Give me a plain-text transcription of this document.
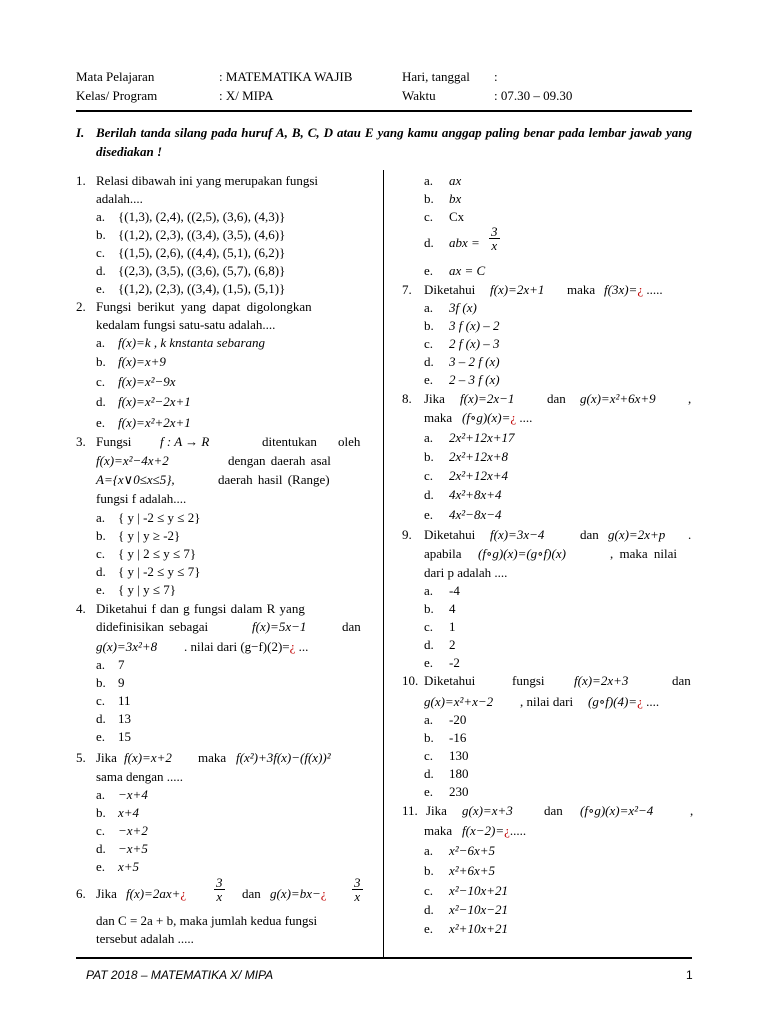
Mata Pelajaran	: MATEMATIKA WAJIB	Hari, tanggal :
Kelas/ Program	: X/ MIPA	Waktu	: 07.30 – 09.30
I. Berilah tanda silang pada huruf A, B, C, D atau E yang kamu anggap paling benar pada lembar jawab yang disediakan !
1. Relasi dibawah ini yang merupakan fungsi
adalah....
a. {(1,3), (2,4), ((2,5), (3,6), (4,3)}
b. {(1,2), (2,3), ((3,4), (3,5), (4,6)}
c. {(1,5), (2,6), ((4,4), (5,1), (6,2)}
d. {(2,3), (3,5), ((3,6), (5,7), (6,8)}
e. {(1,2), (2,3), ((3,4), (1,5), (5,1)}
2. Fungsi berikut yang dapat digolongkan
kedalam fungsi satu-satu adalah....
a. f(x)=k , k knstanta sebarang
b. f(x)=x+9
c. f(x)=x²−9x
d. f(x)=x²−2x+1
e. f(x)=x²+2x+1
3. Fungsi f : A → R	ditentukan oleh
f(x)=x²−4x+2	dengan daerah asal
A={x∨0≤x≤5},	daerah hasil (Range)
fungsi f adalah....
a. { y | -2 ≤ y ≤ 2}
b. { y | y ≥ -2}
c. { y | 2 ≤ y ≤ 7}
d. { y | -2 ≤ y ≤ 7}
e. { y | y ≤ 7}
4. Diketahui f dan g fungsi dalam R yang
didefinisikan sebagai	f(x)=5x−1	dan
g(x)=3x²+8 . nilai dari (g−f)(2)=¿ ...
a. 7
b. 9
c. 11
d. 13
e. 15
5. Jika f(x)=x+2 maka f(x²)+3f(x)−(f(x))²
sama dengan .....
a. −x+4
b. x+4
c. −x+2
d. −x+5
e. x+5
6. Jika f(x)=2ax+¿ $\frac{3}{x}$ dan g(x)=bx−¿ $\frac{3}{x}$
dan C = 2a + b, maka jumlah kedua fungsi
tersebut adalah .....
a. ax
b. bx
c. Cx
d. abx = $\frac{3}{x}$
e. ax = C
7. Diketahui f(x)=2x+1 maka f(3x)=¿ .....
a. 3f (x)
b. 3 f (x) – 2
c. 2 f (x) – 3
d. 3 – 2 f (x)
e. 2 – 3 f (x)
8. Jika f(x)=2x−1	dan g(x)=x²+6x+9 ,
maka (f∘g)(x)=¿ ....
a. 2x²+12x+17
b. 2x²+12x+8
c. 2x²+12x+4
d. 4x²+8x+4
e. 4x²−8x−4
9. Diketahui f(x)=3x−4	dan g(x)=2x+p .
apabila (f∘g)(x)=(g∘f)(x)	, maka nilai
dari p adalah ....
a. -4
b. 4
c. 1
d. 2
e. -2
10. Diketahui	fungsi f(x)=2x+3	dan
g(x)=x²+x−2 , nilai dari (g∘f)(4)=¿ ....
a. -20
b. -16
c. 130
d. 180
e. 230
11. Jika g(x)=x+3 dan (f∘g)(x)=x²−4	,
maka f(x−2)=¿.....
a. x²−6x+5
b. x²+6x+5
c. x²−10x+21
d. x²−10x−21
e. x²+10x+21
PAT 2018 – MATEMATIKA X/ MIPA	1
